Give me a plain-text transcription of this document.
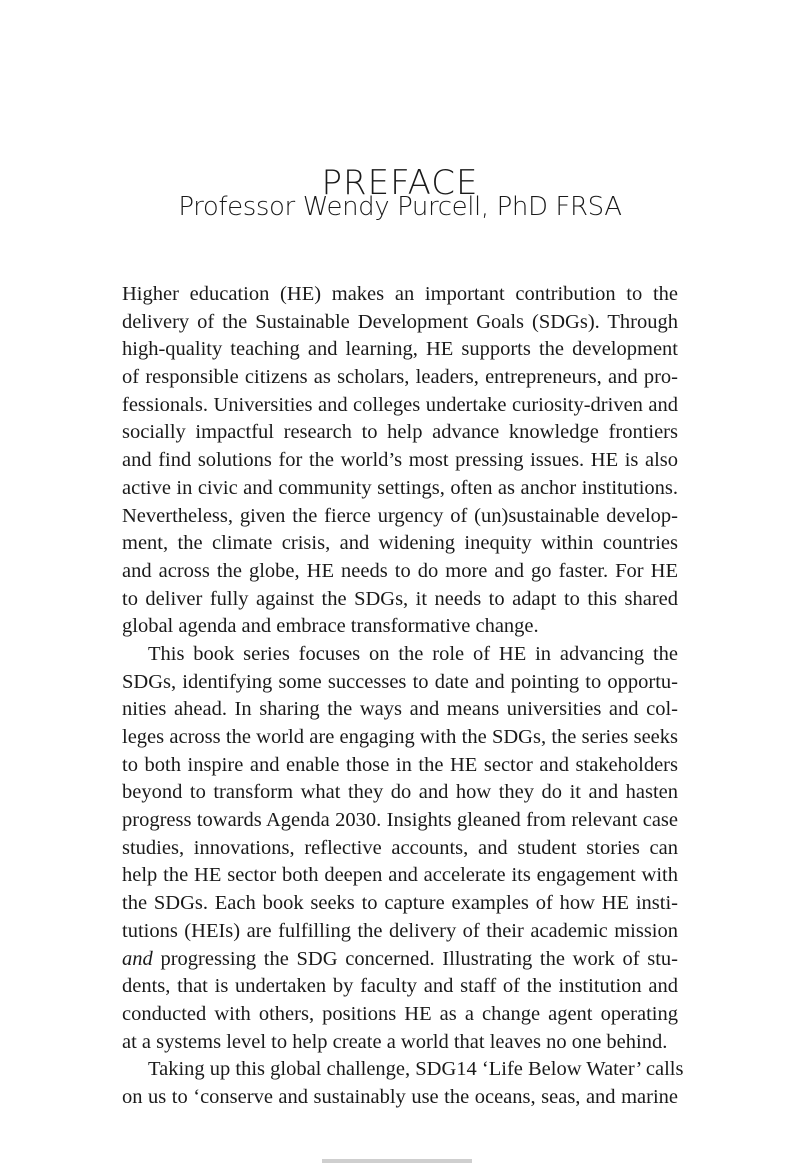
PREFACE
Professor Wendy Purcell, PhD FRSA
Higher education (HE) makes an important contribution to the
delivery of the Sustainable Development Goals (SDGs). Through
high-quality teaching and learning, HE supports the development
of responsible citizens as scholars, leaders, entrepreneurs, and pro-
fessionals. Universities and colleges undertake curiosity-driven and
socially impactful research to help advance knowledge frontiers
and find solutions for the world’s most pressing issues. HE is also
active in civic and community settings, often as anchor institutions.
Nevertheless, given the fierce urgency of (un)sustainable develop-
ment, the climate crisis, and widening inequity within countries
and across the globe, HE needs to do more and go faster. For HE
to deliver fully against the SDGs, it needs to adapt to this shared
global agenda and embrace transformative change.
This book series focuses on the role of HE in advancing the
SDGs, identifying some successes to date and pointing to opportu-
nities ahead. In sharing the ways and means universities and col-
leges across the world are engaging with the SDGs, the series seeks
to both inspire and enable those in the HE sector and stakeholders
beyond to transform what they do and how they do it and hasten
progress towards Agenda 2030. Insights gleaned from relevant case
studies, innovations, reflective accounts, and student stories can
help the HE sector both deepen and accelerate its engagement with
the SDGs. Each book seeks to capture examples of how HE insti-
tutions (HEIs) are fulfilling the delivery of their academic mission
and progressing the SDG concerned. Illustrating the work of stu-
dents, that is undertaken by faculty and staff of the institution and
conducted with others, positions HE as a change agent operating
at a systems level to help create a world that leaves no one behind.
Taking up this global challenge, SDG14 ‘Life Below Water’ calls
on us to ‘conserve and sustainably use the oceans, seas, and marine
